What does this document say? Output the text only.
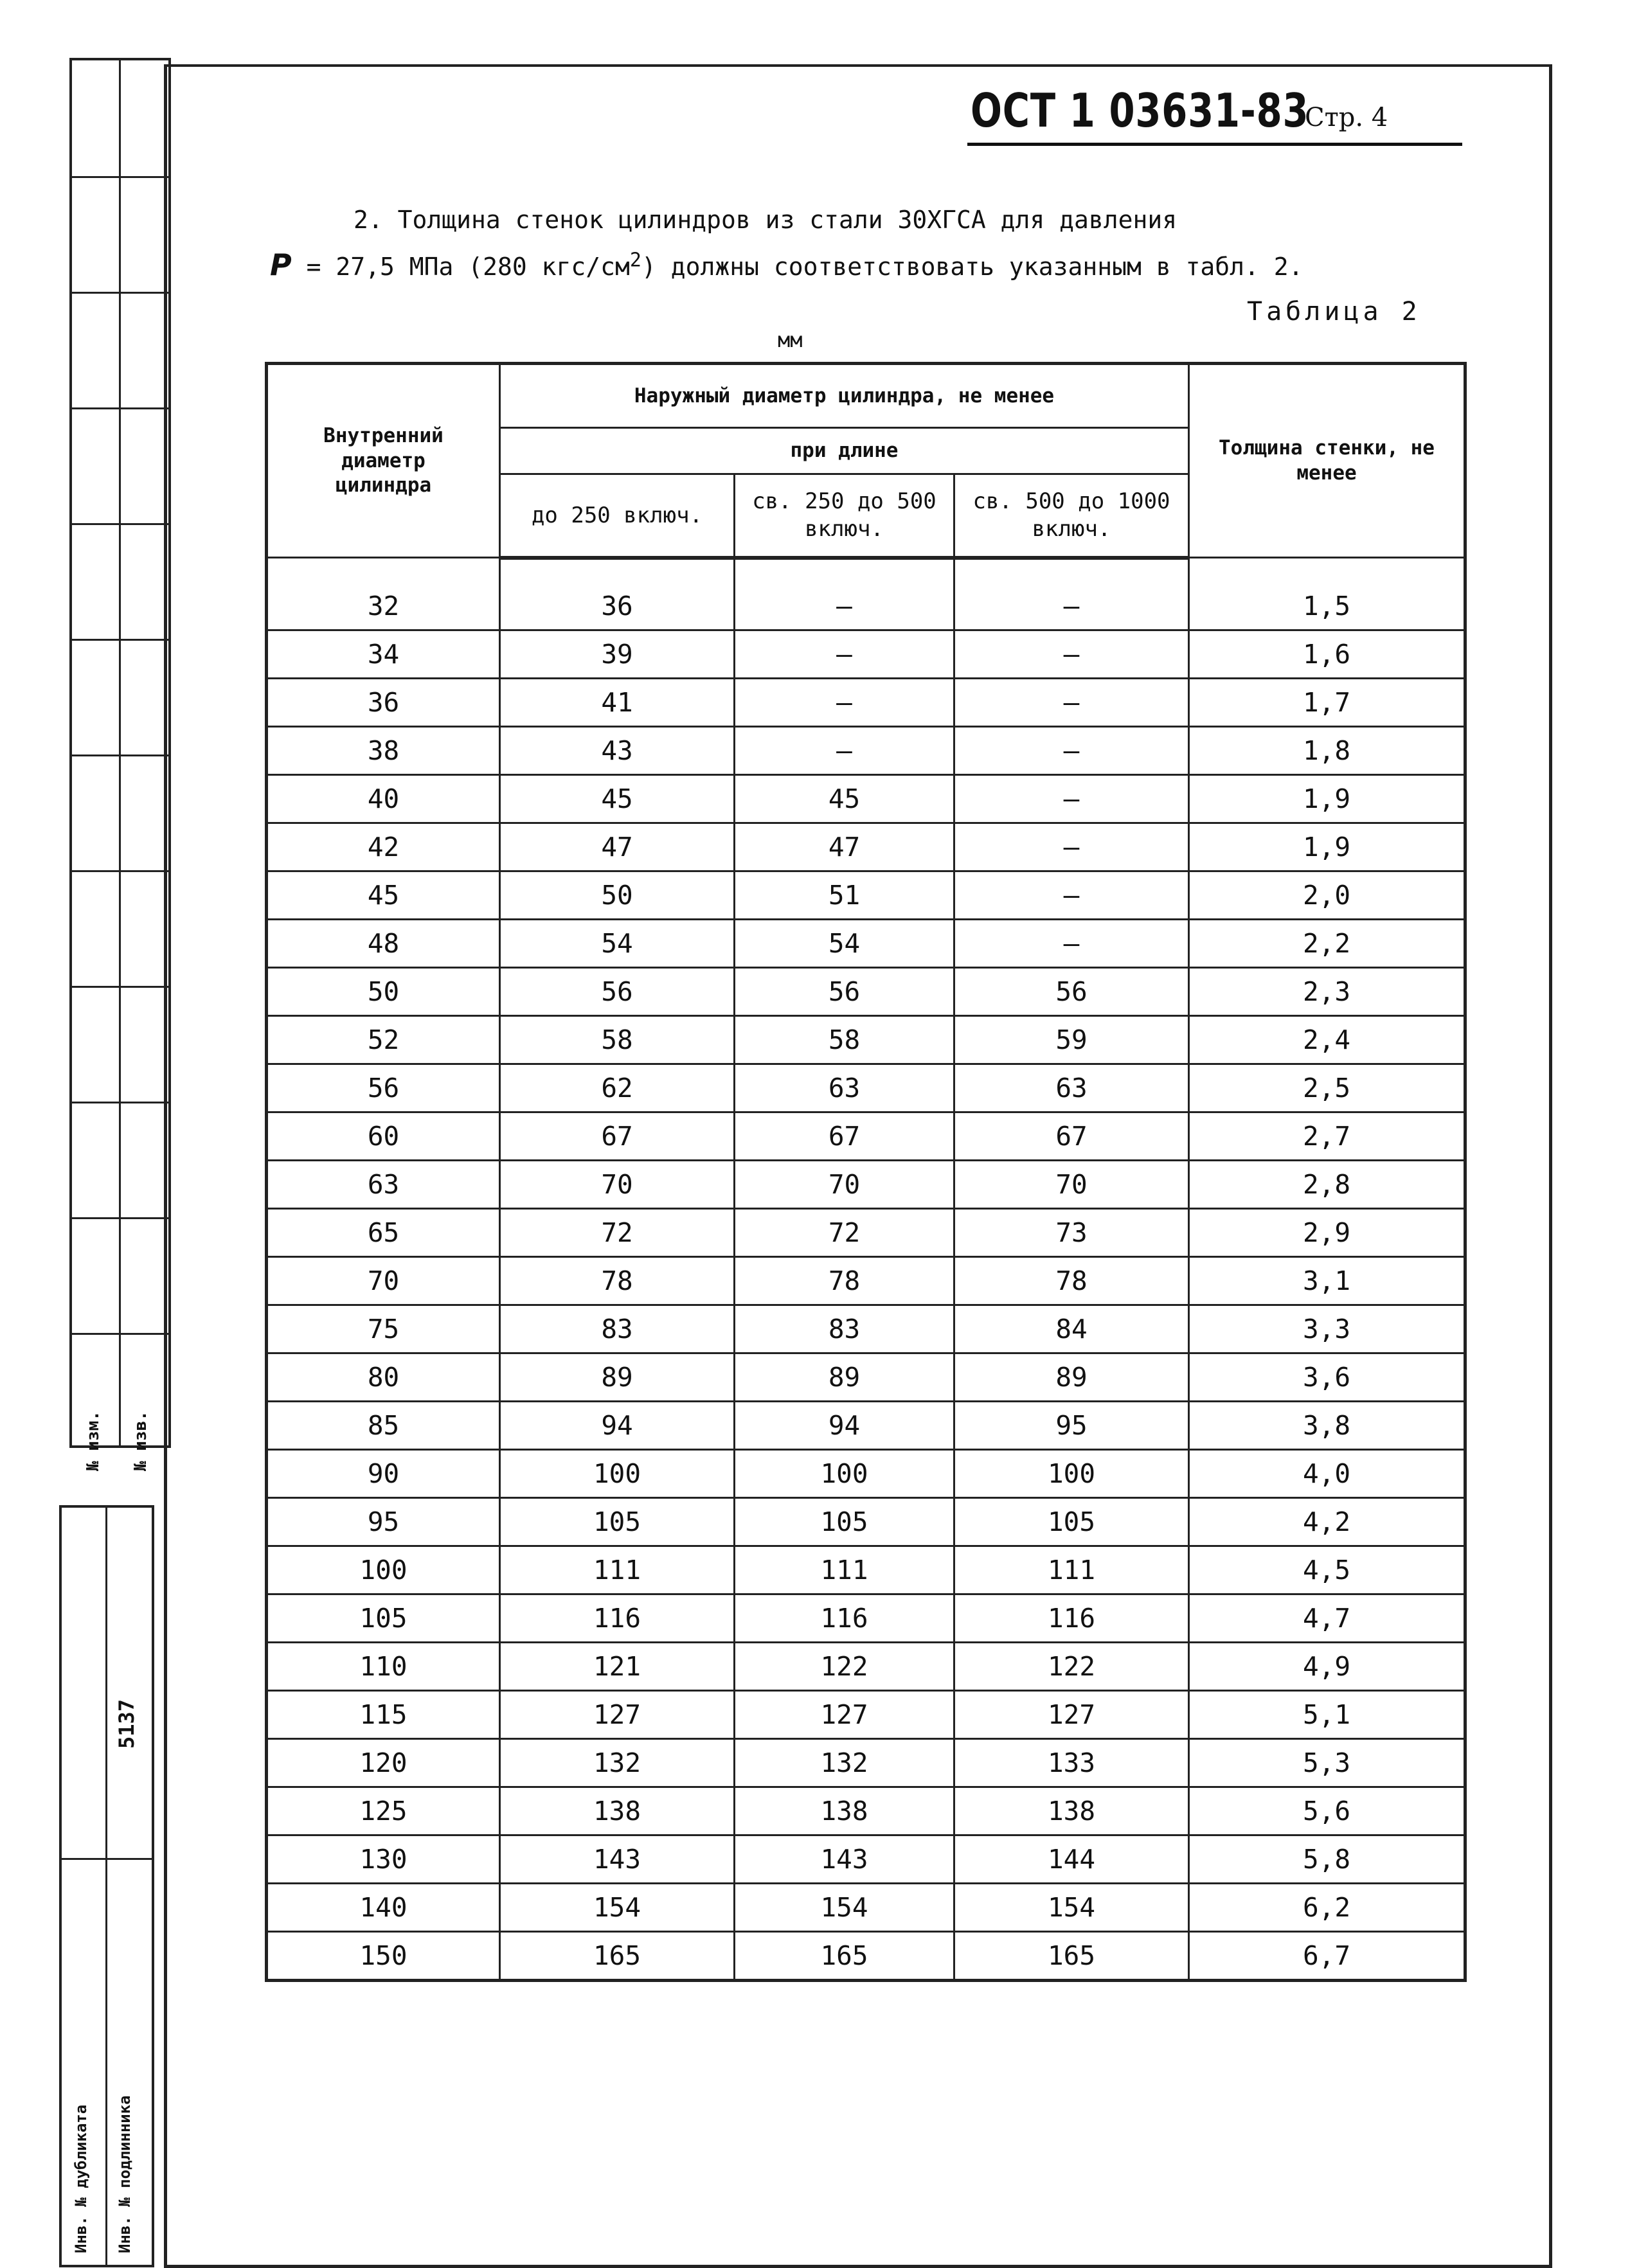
№ изм. № изв.
5137
Инв. № дубликата Инв. № подлинника
ОСТ 1 03631-83
Стр. 4
2. Толщина стенок цилиндров из стали 30ХГСА для давления
P = 27,5 МПа (280 кгс/$см^2$) должны соответствовать указанным в табл. 2.
Таблица 2
мм
Внутренний диаметр цилиндра	Наружный диаметр цилиндра, не менее			Толщина стенки, не менее
	при длине			
	до 250 включ.	св. 250 до 500 включ.	св. 500 до 1000 включ.	
32	36	–	–	1,5
34	39	–	–	1,6
36	41	–	–	1,7
38	43	–	–	1,8
40	45	45	–	1,9
42	47	47	–	1,9
45	50	51	–	2,0
48	54	54	–	2,2
50	56	56	56	2,3
52	58	58	59	2,4
56	62	63	63	2,5
60	67	67	67	2,7
63	70	70	70	2,8
65	72	72	73	2,9
70	78	78	78	3,1
75	83	83	84	3,3
80	89	89	89	3,6
85	94	94	95	3,8
90	100	100	100	4,0
95	105	105	105	4,2
100	111	111	111	4,5
105	116	116	116	4,7
110	121	122	122	4,9
115	127	127	127	5,1
120	132	132	133	5,3
125	138	138	138	5,6
130	143	143	144	5,8
140	154	154	154	6,2
150	165	165	165	6,7
